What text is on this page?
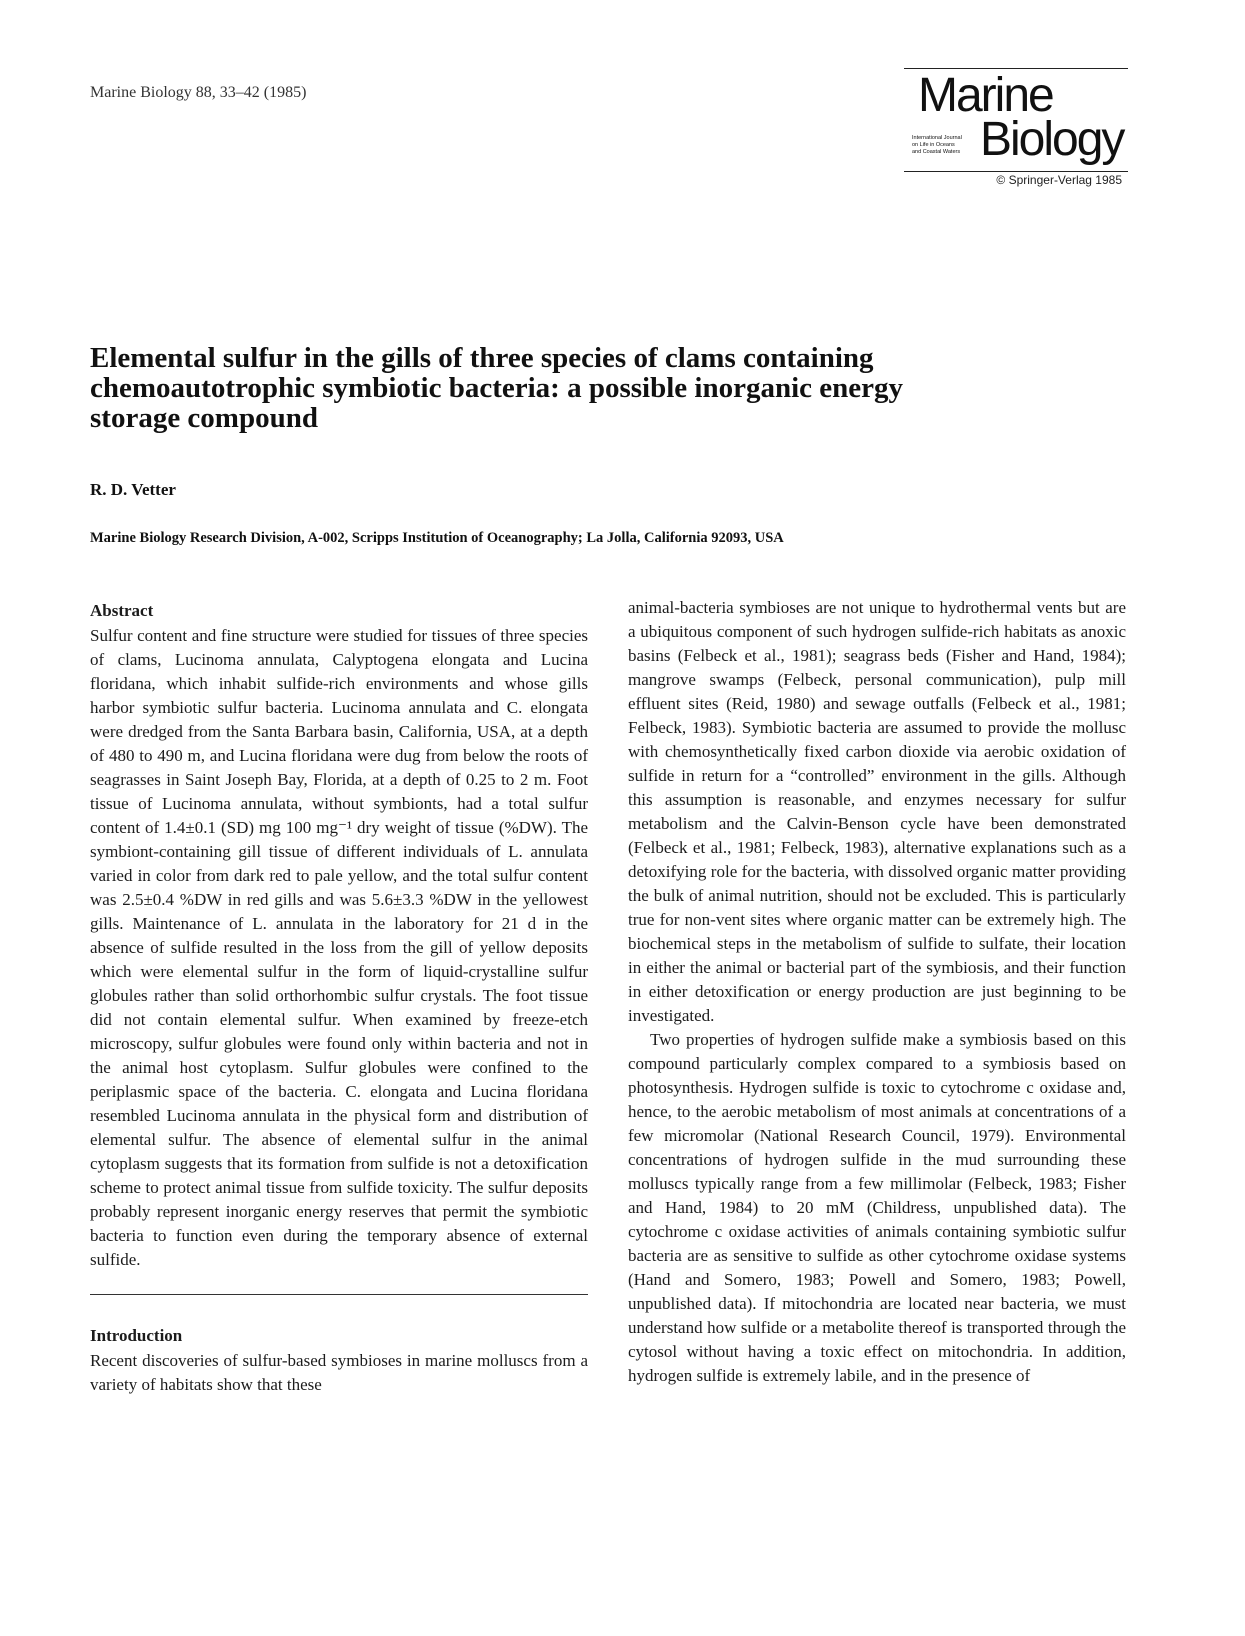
Marine Biology 88, 33–42 (1985)	Marine
International Journal
on Life in Oceans
and Coastal Waters Biology
© Springer-Verlag 1985
Elemental sulfur in the gills of three species of clams containing chemoautotrophic symbiotic bacteria: a possible inorganic energy storage compound
R. D. Vetter
Marine Biology Research Division, A-002, Scripps Institution of Oceanography; La Jolla, California 92093, USA
Abstract

Sulfur content and fine structure were studied for tissues of three species of clams, Lucinoma annulata, Calyptogena elongata and Lucina floridana, which inhabit sulfide-rich environments and whose gills harbor symbiotic sulfur bacteria. Lucinoma annulata and C. elongata were dredged from the Santa Barbara basin, California, USA, at a depth of 480 to 490 m, and Lucina floridana were dug from below the roots of seagrasses in Saint Joseph Bay, Florida, at a depth of 0.25 to 2 m. Foot tissue of Lucinoma annulata, without symbionts, had a total sulfur content of 1.4±0.1 (SD) mg 100 mg⁻¹ dry weight of tissue (%DW). The symbiont-containing gill tissue of different individuals of L. annulata varied in color from dark red to pale yellow, and the total sulfur content was 2.5±0.4 %DW in red gills and was 5.6±3.3 %DW in the yellowest gills. Maintenance of L. annulata in the laboratory for 21 d in the absence of sulfide resulted in the loss from the gill of yellow deposits which were elemental sulfur in the form of liquid-crystalline sulfur globules rather than solid orthorhombic sulfur crystals. The foot tissue did not contain elemental sulfur. When examined by freeze-etch microscopy, sulfur globules were found only within bacteria and not in the animal host cytoplasm. Sulfur globules were confined to the periplasmic space of the bacteria. C. elongata and Lucina floridana resembled Lucinoma annulata in the physical form and distribution of elemental sulfur. The absence of elemental sulfur in the animal cytoplasm suggests that its formation from sulfide is not a detoxification scheme to protect animal tissue from sulfide toxicity. The sulfur deposits probably represent inorganic energy reserves that permit the symbiotic bacteria to function even during the temporary absence of external sulfide.

Introduction

Recent discoveries of sulfur-based symbioses in marine molluscs from a variety of habitats show that these

animal-bacteria symbioses are not unique to hydrothermal vents but are a ubiquitous component of such hydrogen sulfide-rich habitats as anoxic basins (Felbeck et al., 1981); seagrass beds (Fisher and Hand, 1984); mangrove swamps (Felbeck, personal communication), pulp mill effluent sites (Reid, 1980) and sewage outfalls (Felbeck et al., 1981; Felbeck, 1983). Symbiotic bacteria are assumed to provide the mollusc with chemosynthetically fixed carbon dioxide via aerobic oxidation of sulfide in return for a “controlled” environment in the gills. Although this assumption is reasonable, and enzymes necessary for sulfur metabolism and the Calvin-Benson cycle have been demonstrated (Felbeck et al., 1981; Felbeck, 1983), alternative explanations such as a detoxifying role for the bacteria, with dissolved organic matter providing the bulk of animal nutrition, should not be excluded. This is particularly true for non-vent sites where organic matter can be extremely high. The biochemical steps in the metabolism of sulfide to sulfate, their location in either the animal or bacterial part of the symbiosis, and their function in either detoxification or energy production are just beginning to be investigated.

Two properties of hydrogen sulfide make a symbiosis based on this compound particularly complex compared to a symbiosis based on photosynthesis. Hydrogen sulfide is toxic to cytochrome c oxidase and, hence, to the aerobic metabolism of most animals at concentrations of a few micromolar (National Research Council, 1979). Environmental concentrations of hydrogen sulfide in the mud surrounding these molluscs typically range from a few millimolar (Felbeck, 1983; Fisher and Hand, 1984) to 20 mM (Childress, unpublished data). The cytochrome c oxidase activities of animals containing symbiotic sulfur bacteria are as sensitive to sulfide as other cytochrome oxidase systems (Hand and Somero, 1983; Powell and Somero, 1983; Powell, unpublished data). If mitochondria are located near bacteria, we must understand how sulfide or a metabolite thereof is transported through the cytosol without having a toxic effect on mitochondria. In addition, hydrogen sulfide is extremely labile, and in the presence of
